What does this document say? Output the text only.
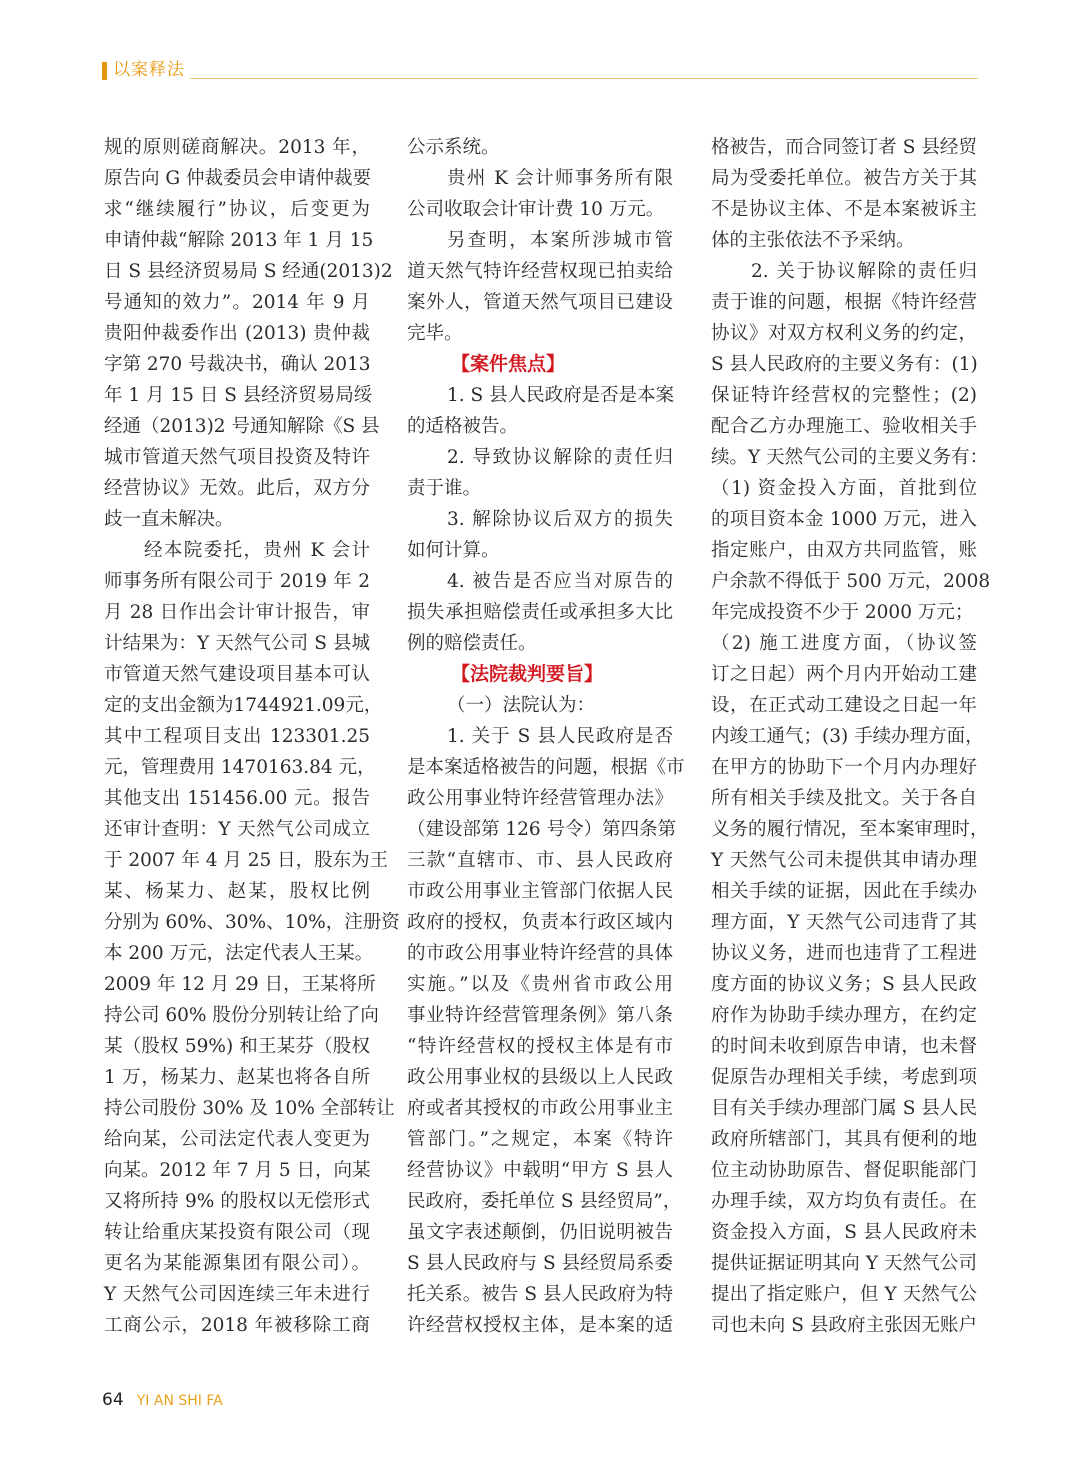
以案释法
规的原则磋商解决。2013 年，
原告向 G 仲裁委员会申请仲裁要
求“继续履行”协议，后变更为
申请仲裁“解除 2013 年 1 月 15
日 S 县经济贸易局 S 经通(2013)2
号通知的效力”。2014 年 9 月
贵阳仲裁委作出 (2013) 贵仲裁
字第 270 号裁决书，确认 2013
年 1 月 15 日 S 县经济贸易局绥
经通（2013)2 号通知解除《S 县
城市管道天然气项目投资及特许
经营协议》无效。此后，双方分
歧一直未解决。
经本院委托，贵州 K 会计
师事务所有限公司于 2019 年 2
月 28 日作出会计审计报告，审
计结果为：Y 天然气公司 S 县城
市管道天然气建设项目基本可认
定的支出金额为1744921.09元，
其中工程项目支出 123301.25
元，管理费用 1470163.84 元，
其他支出 151456.00 元。报告
还审计查明：Y 天然气公司成立
于 2007 年 4 月 25 日，股东为王
某、杨某力、赵某，股权比例
分别为 60%、30%、10%，注册资
本 200 万元，法定代表人王某。
2009 年 12 月 29 日，王某将所
持公司 60% 股份分别转让给了向
某（股权 59%) 和王某芬（股权
1 万，杨某力、赵某也将各自所
持公司股份 30% 及 10% 全部转让
给向某，公司法定代表人变更为
向某。2012 年 7 月 5 日，向某
又将所持 9% 的股权以无偿形式
转让给重庆某投资有限公司（现
更名为某能源集团有限公司）。
Y 天然气公司因连续三年未进行
工商公示，2018 年被移除工商
公示系统。
贵州 K 会计师事务所有限
公司收取会计审计费 10 万元。
另查明，本案所涉城市管
道天然气特许经营权现已拍卖给
案外人，管道天然气项目已建设
完毕。
【案件焦点】
1. S 县人民政府是否是本案
的适格被告。
2. 导致协议解除的责任归
责于谁。
3. 解除协议后双方的损失
如何计算。
4. 被告是否应当对原告的
损失承担赔偿责任或承担多大比
例的赔偿责任。
【法院裁判要旨】
（一）法院认为：
1. 关于 S 县人民政府是否
是本案适格被告的问题，根据《市
政公用事业特许经营管理办法》
（建设部第 126 号令）第四条第
三款“直辖市、市、县人民政府
市政公用事业主管部门依据人民
政府的授权，负责本行政区域内
的市政公用事业特许经营的具体
实施。”以及《贵州省市政公用
事业特许经营管理条例》第八条
“特许经营权的授权主体是有市
政公用事业权的县级以上人民政
府或者其授权的市政公用事业主
管部门。”之规定，本案《特许
经营协议》中载明“甲方 S 县人
民政府，委托单位 S 县经贸局”，
虽文字表述颠倒，仍旧说明被告
S 县人民政府与 S 县经贸局系委
托关系。被告 S 县人民政府为特
许经营权授权主体，是本案的适
格被告，而合同签订者 S 县经贸
局为受委托单位。被告方关于其
不是协议主体、不是本案被诉主
体的主张依法不予采纳。
2. 关于协议解除的责任归
责于谁的问题，根据《特许经营
协议》对双方权利义务的约定，
S 县人民政府的主要义务有：(1)
保证特许经营权的完整性；(2)
配合乙方办理施工、验收相关手
续。Y 天然气公司的主要义务有：
（1) 资金投入方面，首批到位
的项目资本金 1000 万元，进入
指定账户，由双方共同监管，账
户余款不得低于 500 万元，2008
年完成投资不少于 2000 万元；
（2) 施工进度方面，（协议签
订之日起）两个月内开始动工建
设，在正式动工建设之日起一年
内竣工通气；(3) 手续办理方面，
在甲方的协助下一个月内办理好
所有相关手续及批文。关于各自
义务的履行情况，至本案审理时，
Y 天然气公司未提供其申请办理
相关手续的证据，因此在手续办
理方面，Y 天然气公司违背了其
协议义务，进而也违背了工程进
度方面的协议义务；S 县人民政
府作为协助手续办理方，在约定
的时间未收到原告申请，也未督
促原告办理相关手续，考虑到项
目有关手续办理部门属 S 县人民
政府所辖部门，其具有便利的地
位主动协助原告、督促职能部门
办理手续，双方均负有责任。在
资金投入方面，S 县人民政府未
提供证据证明其向 Y 天然气公司
提出了指定账户，但 Y 天然气公
司也未向 S 县政府主张因无账户
64 YI AN SHI FA
